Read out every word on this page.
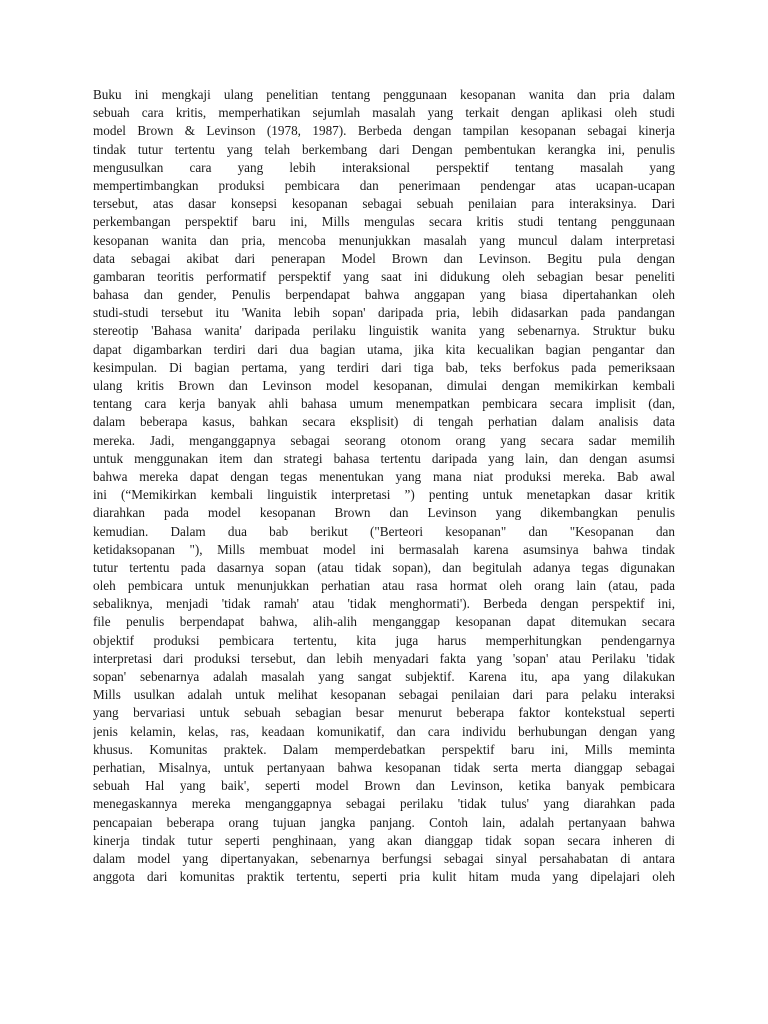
Buku ini mengkaji ulang penelitian tentang penggunaan kesopanan wanita dan pria dalam
sebuah cara kritis, memperhatikan sejumlah masalah yang terkait dengan aplikasi oleh studi
model Brown & Levinson (1978, 1987). Berbeda dengan tampilan kesopanan sebagai kinerja
tindak tutur tertentu yang telah berkembang dari Dengan pembentukan kerangka ini, penulis
mengusulkan cara yang lebih interaksional perspektif tentang masalah yang
mempertimbangkan produksi pembicara dan penerimaan pendengar atas ucapan-ucapan
tersebut, atas dasar konsepsi kesopanan sebagai sebuah penilaian para interaksinya. Dari
perkembangan perspektif baru ini, Mills mengulas secara kritis studi tentang penggunaan
kesopanan wanita dan pria, mencoba menunjukkan masalah yang muncul dalam interpretasi
data sebagai akibat dari penerapan Model Brown dan Levinson. Begitu pula dengan
gambaran teoritis performatif perspektif yang saat ini didukung oleh sebagian besar peneliti
bahasa dan gender, Penulis berpendapat bahwa anggapan yang biasa dipertahankan oleh
studi-studi tersebut itu 'Wanita lebih sopan' daripada pria, lebih didasarkan pada pandangan
stereotip 'Bahasa wanita' daripada perilaku linguistik wanita yang sebenarnya. Struktur buku
dapat digambarkan terdiri dari dua bagian utama, jika kita kecualikan bagian pengantar dan
kesimpulan. Di bagian pertama, yang terdiri dari tiga bab, teks berfokus pada pemeriksaan
ulang kritis Brown dan Levinson model kesopanan, dimulai dengan memikirkan kembali
tentang cara kerja banyak ahli bahasa umum menempatkan pembicara secara implisit (dan,
dalam beberapa kasus, bahkan secara eksplisit) di tengah perhatian dalam analisis data
mereka. Jadi, menganggapnya sebagai seorang otonom orang yang secara sadar memilih
untuk menggunakan item dan strategi bahasa tertentu daripada yang lain, dan dengan asumsi
bahwa mereka dapat dengan tegas menentukan yang mana niat produksi mereka. Bab awal
ini (“Memikirkan kembali linguistik interpretasi ”) penting untuk menetapkan dasar kritik
diarahkan pada model kesopanan Brown dan Levinson yang dikembangkan penulis
kemudian. Dalam dua bab berikut ("Berteori kesopanan" dan "Kesopanan dan
ketidaksopanan "), Mills membuat model ini bermasalah karena asumsinya bahwa tindak
tutur tertentu pada dasarnya sopan (atau tidak sopan), dan begitulah adanya tegas digunakan
oleh pembicara untuk menunjukkan perhatian atau rasa hormat oleh orang lain (atau, pada
sebaliknya, menjadi 'tidak ramah' atau 'tidak menghormati'). Berbeda dengan perspektif ini,
file penulis berpendapat bahwa, alih-alih menganggap kesopanan dapat ditemukan secara
objektif produksi pembicara tertentu, kita juga harus memperhitungkan pendengarnya
interpretasi dari produksi tersebut, dan lebih menyadari fakta yang 'sopan' atau Perilaku 'tidak
sopan' sebenarnya adalah masalah yang sangat subjektif. Karena itu, apa yang dilakukan
Mills usulkan adalah untuk melihat kesopanan sebagai penilaian dari para pelaku interaksi
yang bervariasi untuk sebuah sebagian besar menurut beberapa faktor kontekstual seperti
jenis kelamin, kelas, ras, keadaan komunikatif, dan cara individu berhubungan dengan yang
khusus. Komunitas praktek. Dalam memperdebatkan perspektif baru ini, Mills meminta
perhatian, Misalnya, untuk pertanyaan bahwa kesopanan tidak serta merta dianggap sebagai
sebuah Hal yang baik', seperti model Brown dan Levinson, ketika banyak pembicara
menegaskannya mereka menganggapnya sebagai perilaku 'tidak tulus' yang diarahkan pada
pencapaian beberapa orang tujuan jangka panjang. Contoh lain, adalah pertanyaan bahwa
kinerja tindak tutur seperti penghinaan, yang akan dianggap tidak sopan secara inheren di
dalam model yang dipertanyakan, sebenarnya berfungsi sebagai sinyal persahabatan di antara
anggota dari komunitas praktik tertentu, seperti pria kulit hitam muda yang dipelajari oleh
